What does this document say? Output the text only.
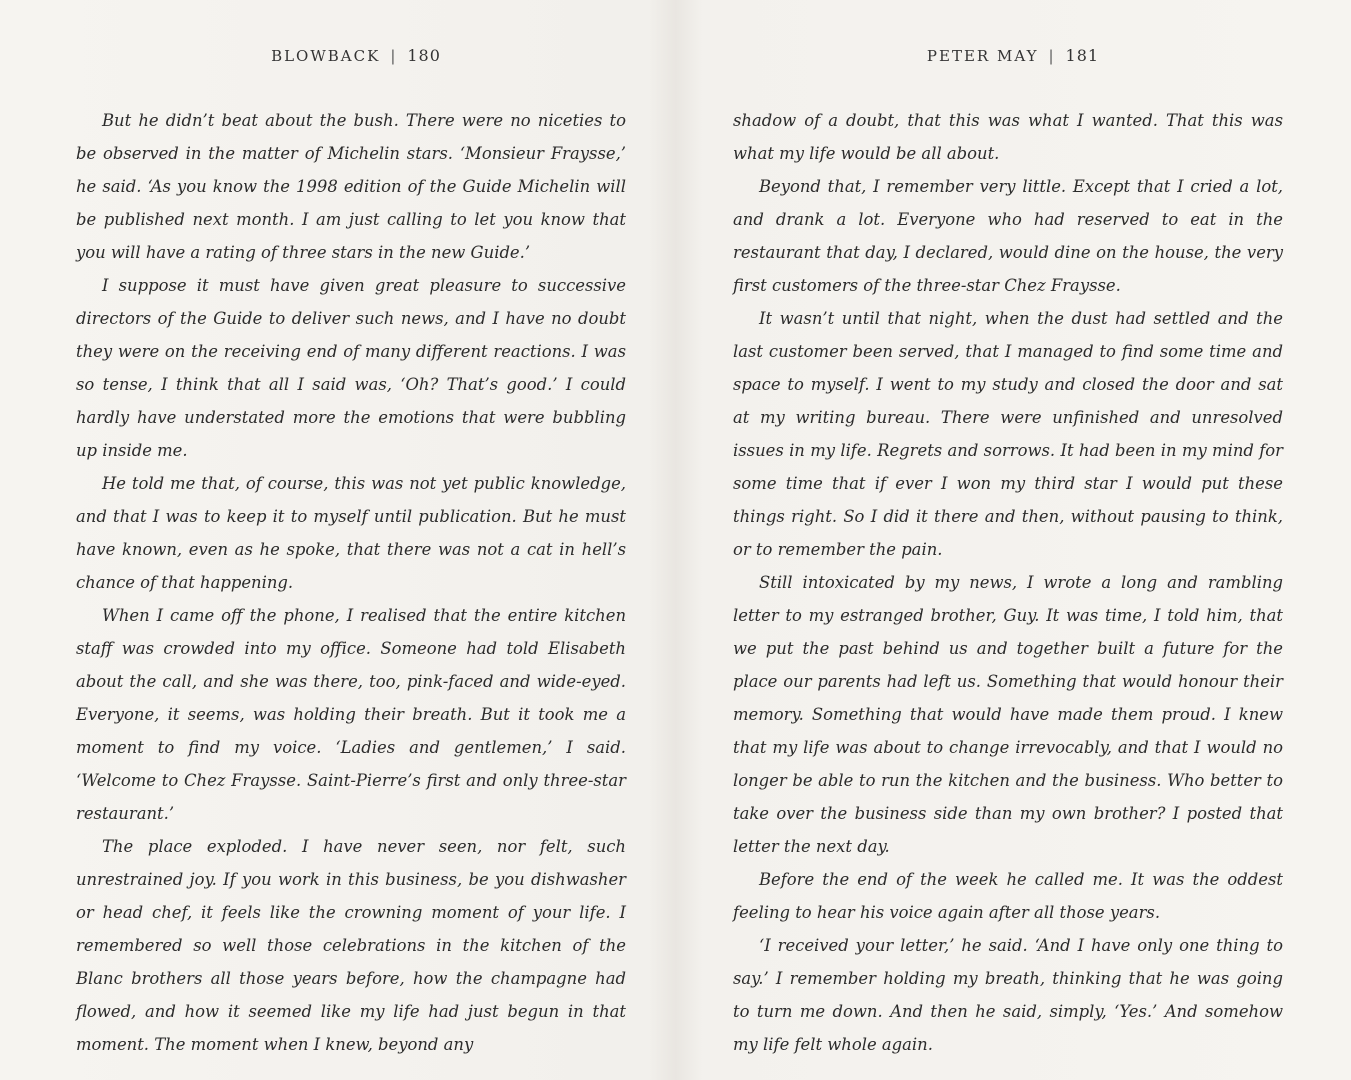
BLOWBACK | 180

But he didn’t beat about the bush. There were no niceties to be observed in the matter of Michelin stars. ‘Monsieur Fraysse,’ he said. ‘As you know the 1998 edition of the Guide Michelin will be published next month. I am just calling to let you know that you will have a rating of three stars in the new Guide.’

I suppose it must have given great pleasure to successive directors of the Guide to deliver such news, and I have no doubt they were on the receiving end of many different reactions. I was so tense, I think that all I said was, ‘Oh? That’s good.’ I could hardly have understated more the emotions that were bubbling up inside me.

He told me that, of course, this was not yet public knowledge, and that I was to keep it to myself until publication. But he must have known, even as he spoke, that there was not a cat in hell’s chance of that happening.

When I came off the phone, I realised that the entire kitchen staff was crowded into my office. Someone had told Elisabeth about the call, and she was there, too, pink-faced and wide-eyed. Everyone, it seems, was holding their breath. But it took me a moment to find my voice. ‘Ladies and gentlemen,’ I said. ‘Welcome to Chez Fraysse. Saint-Pierre’s first and only three-star restaurant.’

The place exploded. I have never seen, nor felt, such unrestrained joy. If you work in this business, be you dishwasher or head chef, it feels like the crowning moment of your life. I remembered so well those celebrations in the kitchen of the Blanc brothers all those years before, how the champagne had flowed, and how it seemed like my life had just begun in that moment. The moment when I knew, beyond any

PETER MAY | 181

shadow of a doubt, that this was what I wanted. That this was what my life would be all about.

Beyond that, I remember very little. Except that I cried a lot, and drank a lot. Everyone who had reserved to eat in the restaurant that day, I declared, would dine on the house, the very first customers of the three-star Chez Fraysse.

It wasn’t until that night, when the dust had settled and the last customer been served, that I managed to find some time and space to myself. I went to my study and closed the door and sat at my writing bureau. There were unfinished and unresolved issues in my life. Regrets and sorrows. It had been in my mind for some time that if ever I won my third star I would put these things right. So I did it there and then, without pausing to think, or to remember the pain.

Still intoxicated by my news, I wrote a long and rambling letter to my estranged brother, Guy. It was time, I told him, that we put the past behind us and together built a future for the place our parents had left us. Something that would honour their memory. Something that would have made them proud. I knew that my life was about to change irrevocably, and that I would no longer be able to run the kitchen and the business. Who better to take over the business side than my own brother? I posted that letter the next day.

Before the end of the week he called me. It was the oddest feeling to hear his voice again after all those years.

‘I received your letter,’ he said. ‘And I have only one thing to say.’ I remember holding my breath, thinking that he was going to turn me down. And then he said, simply, ‘Yes.’ And somehow my life felt whole again.
